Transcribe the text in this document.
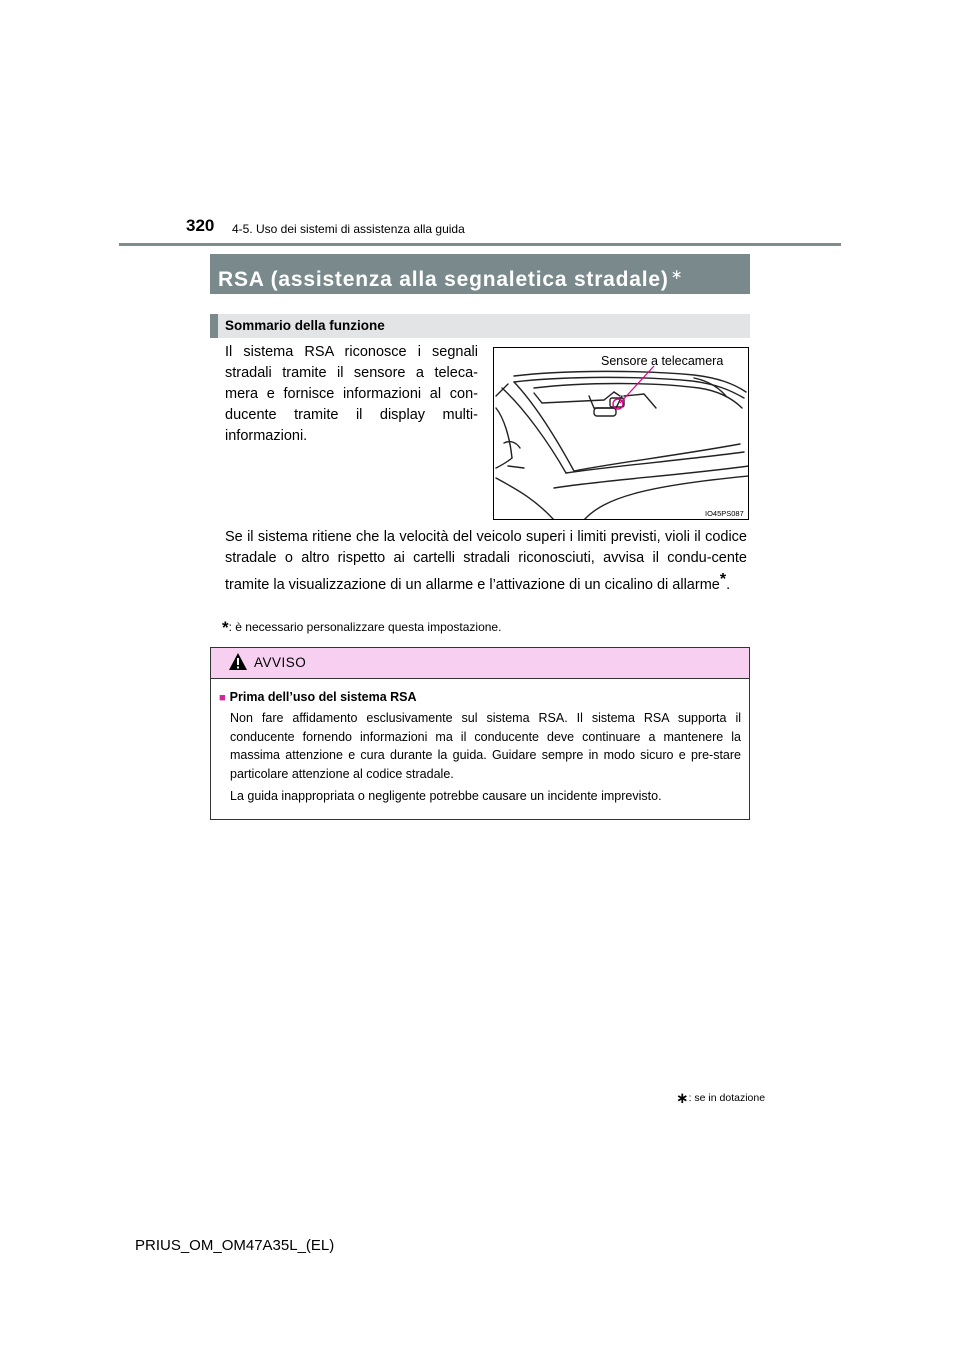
320 4-5. Uso dei sistemi di assistenza alla guida
RSA (assistenza alla segnaletica stradale) ∗
Sommario della funzione
Il sistema RSA riconosce i segnali stradali tramite il sensore a teleca-mera e fornisce informazioni al con-ducente tramite il display multi-informazioni.
Sensore a telecamera
IO45PS087
Se il sistema ritiene che la velocità del veicolo superi i limiti previsti, violi il codice stradale o altro rispetto ai cartelli stradali riconosciuti, avvisa il condu-cente tramite la visualizzazione di un allarme e l’attivazione di un cicalino di allarme*.
*: è necessario personalizzare questa impostazione.
AVVISO
■ Prima dell’uso del sistema RSA
Non fare affidamento esclusivamente sul sistema RSA. Il sistema RSA supporta il conducente fornendo informazioni ma il conducente deve continuare a mantenere la massima attenzione e cura durante la guida. Guidare sempre in modo sicuro e pre-stare particolare attenzione al codice stradale.
La guida inappropriata o negligente potrebbe causare un incidente imprevisto.
∗: se in dotazione
PRIUS_OM_OM47A35L_(EL)
